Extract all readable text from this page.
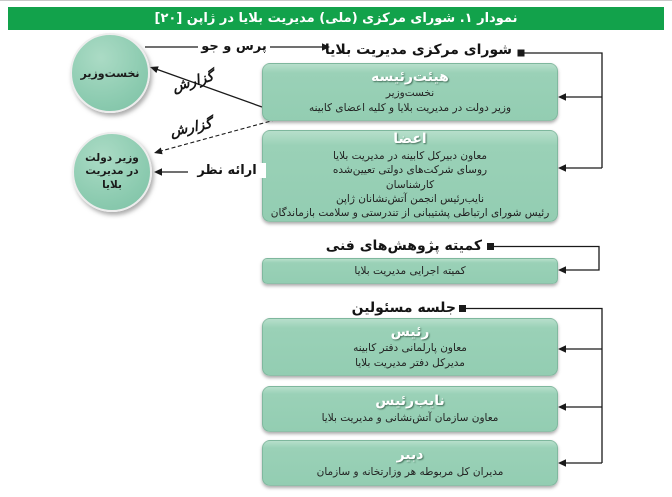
نمودار ۱. شورای مرکزی (ملی) مدیریت بلایا در ژاپن [۲۰]
شورای مرکزی مدیریت بلایا
کمیته پژوهش‌های فنی
جلسه مسئولین
هیئت‌رئیسه
نخست‌وزیر
وزیر دولت در مدیریت بلایا و کلیه اعضای کابینه
اعضا
معاون دبیرکل کابینه در مدیریت بلایا
روسای شرکت‌های دولتی تعیین‌شده
کارشناسان
نایب‌رئیس انجمن آتش‌نشانان ژاپن
رئیس شورای ارتباطی پشتیبانی از تندرستی و سلامت بازماندگان
کمیته اجرایی مدیریت بلایا
رئیس
معاون پارلمانی دفتر کابینه
مدیرکل دفتر مدیریت بلایا
نایب‌رئیس
معاون سازمان آتش‌نشانی و مدیریت بلایا
دبیر
مدیران کل مربوطه هر وزارتخانه و سازمان
نخست‌وزیر
وزیر دولت در مدیریت بلایا
پرس و جو
گزارش
گزارش
ارائه نظر
